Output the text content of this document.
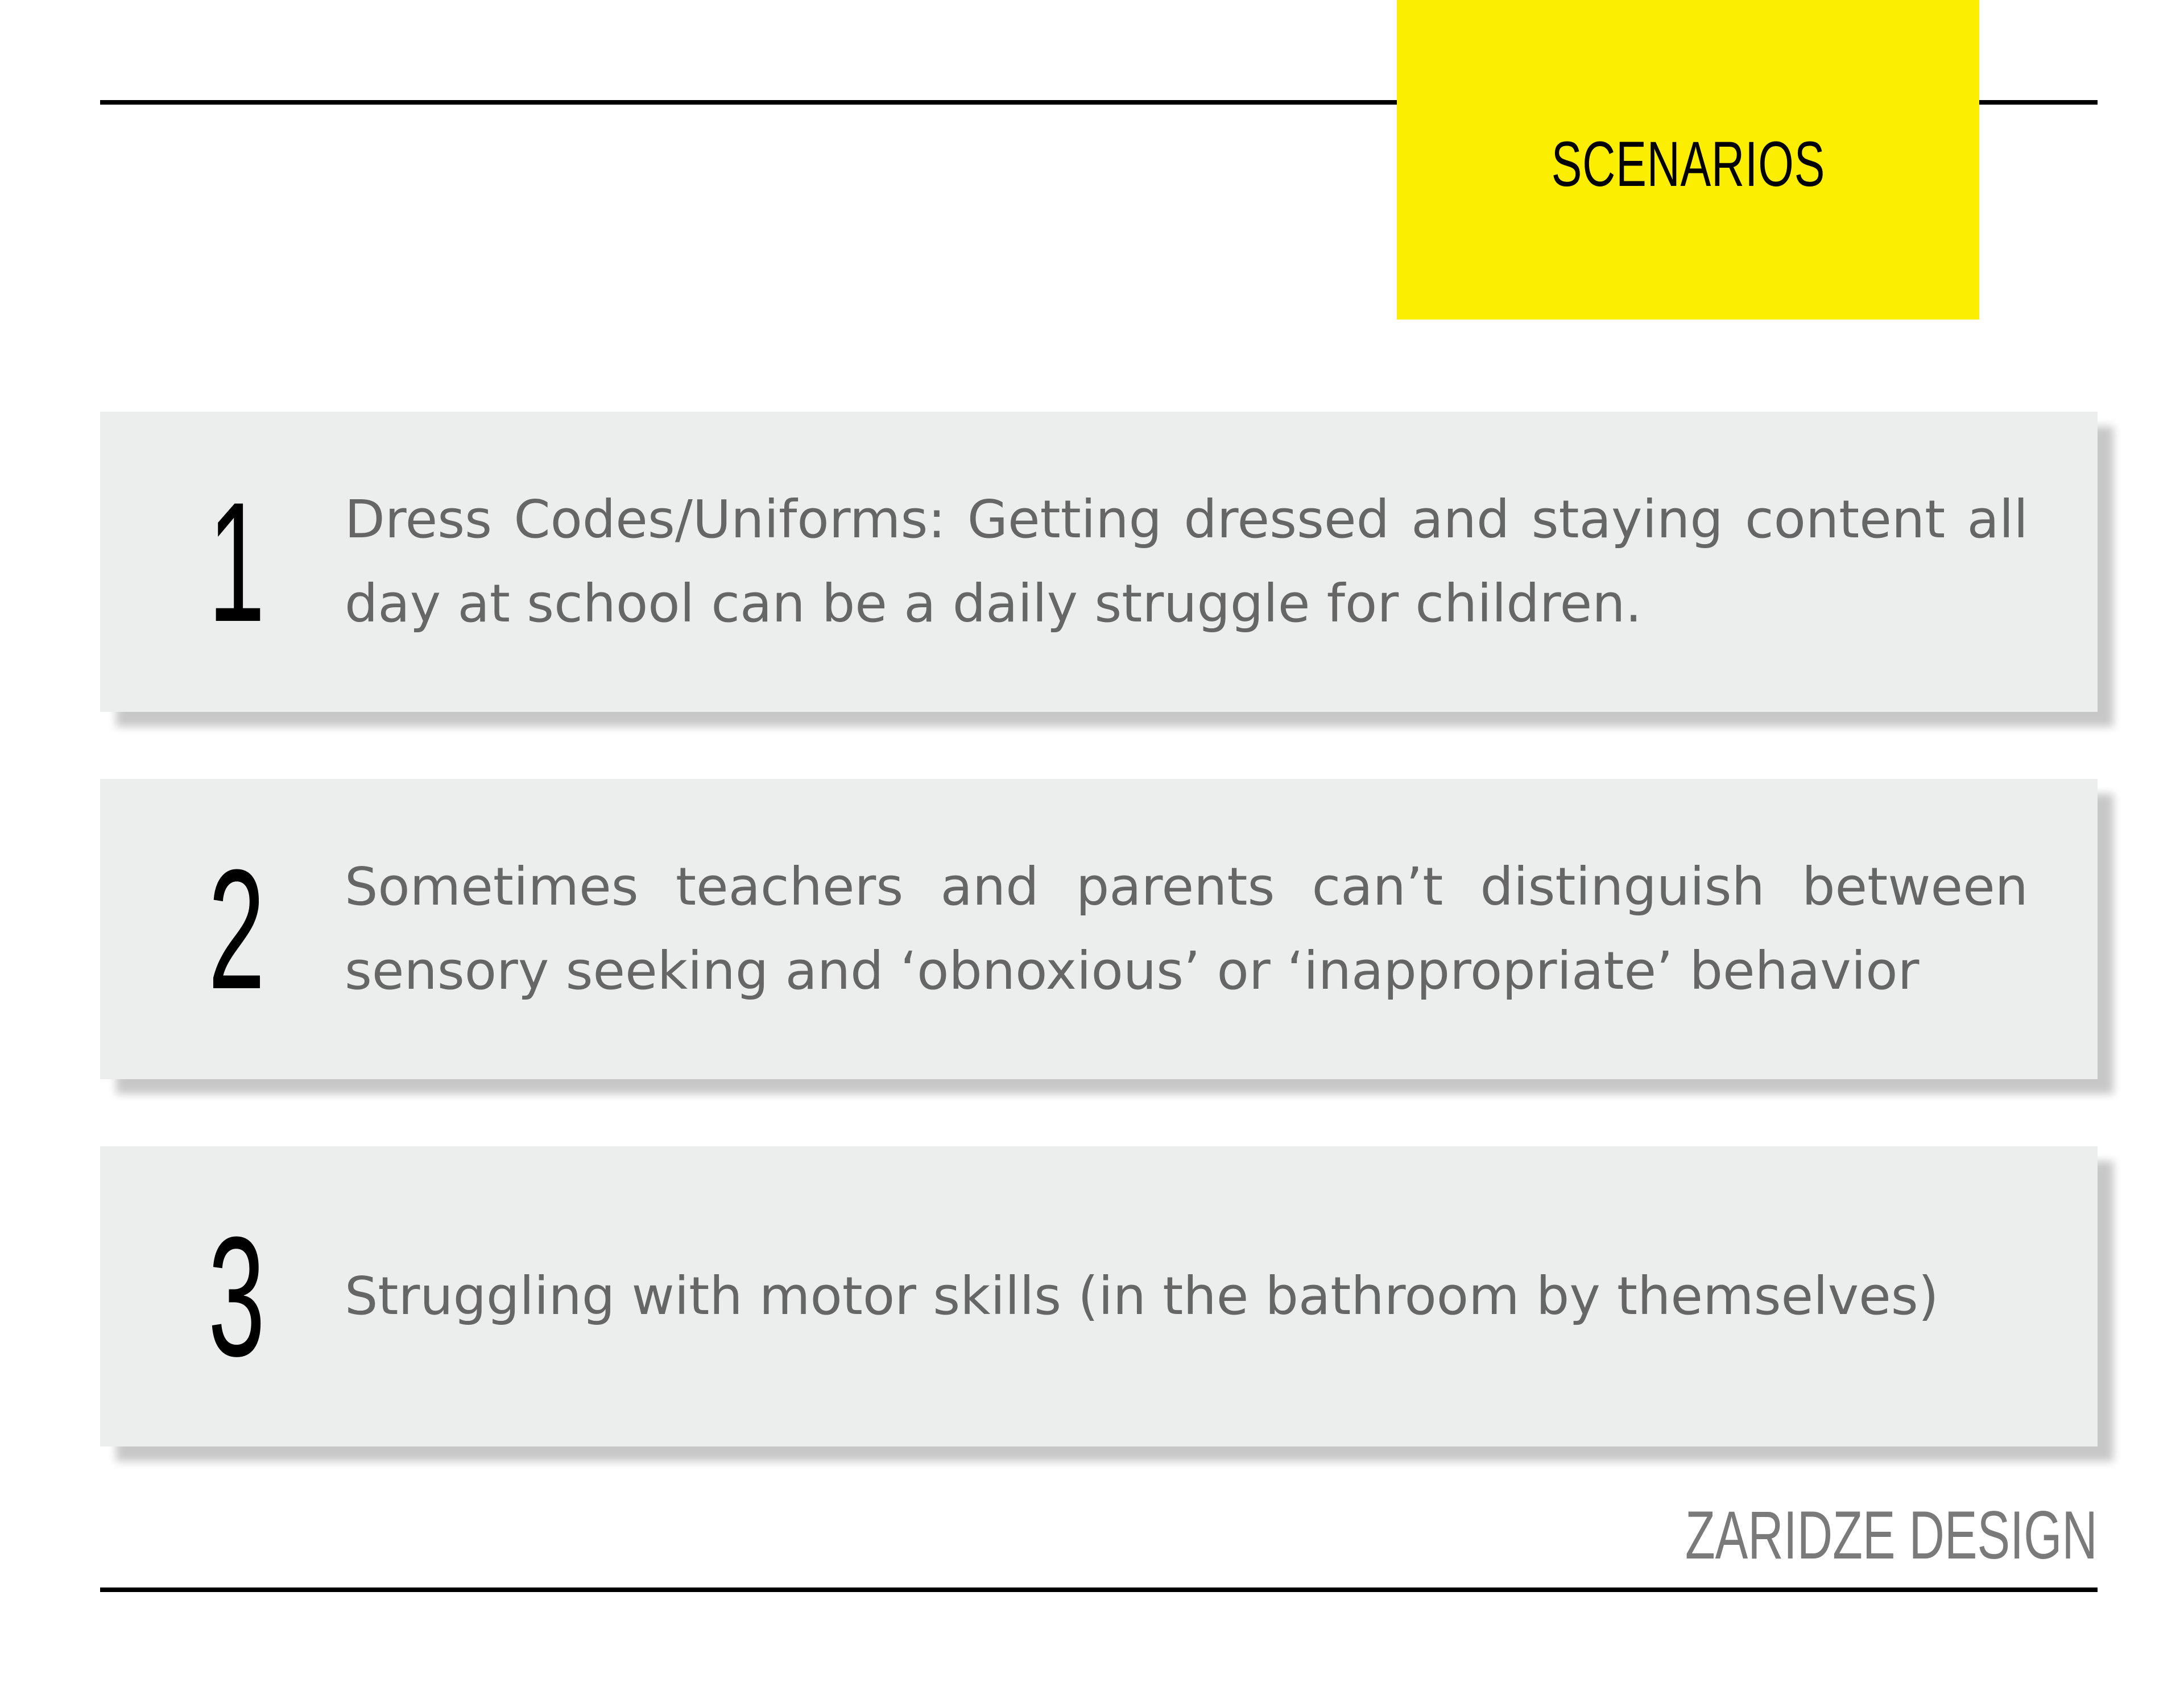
SCENARIOS
1 Dress Codes/Uniforms: Getting dressed and staying content all day at school can be a daily struggle for children.
2 Sometimes teachers and parents can’t distinguish between sensory seeking and ‘obnoxious’ or ‘inappropriate’ behavior
3 Struggling with motor skills (in the bathroom by themselves)
ZARIDZE DESIGN
